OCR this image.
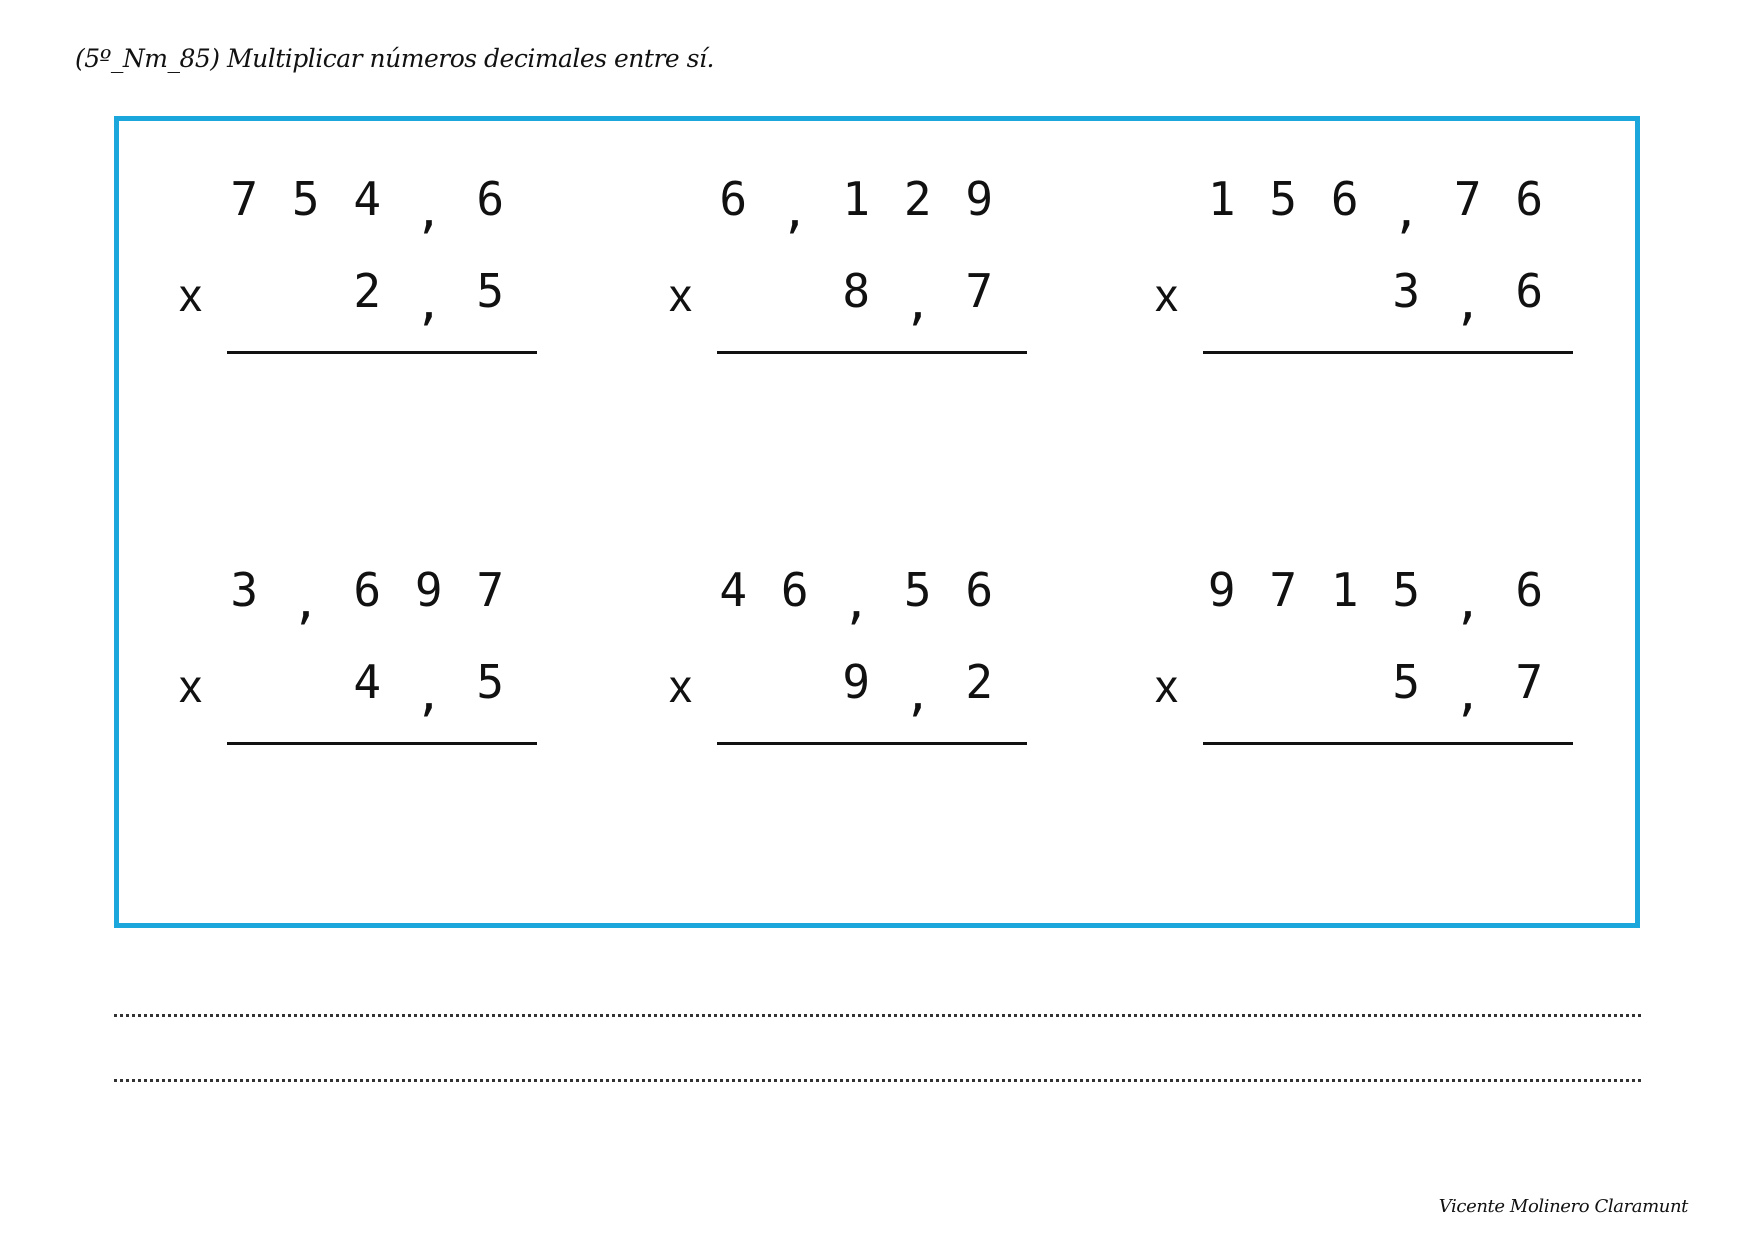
(5º_Nm_85) Multiplicar números decimales entre sí.
7 5 4 , 6
x	2 , 5
6 , 1 2 9
x	8 , 7
1 5 6 , 7 6
x	3 , 6
3 , 6 9 7
x	4 , 5
4 6 , 5 6
x	9 , 2
9 7 1 5 , 6
x	5 , 7
Vicente Molinero Claramunt
